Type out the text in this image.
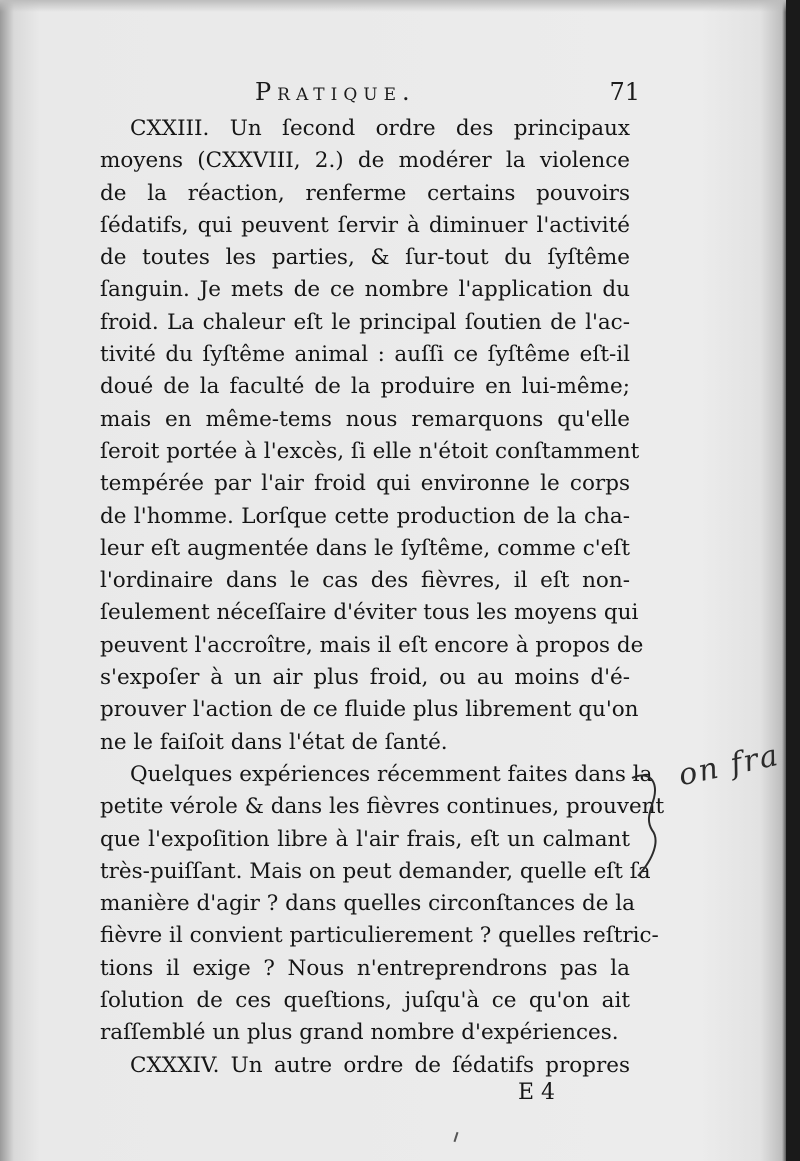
Pratique.	71
CXXIII. Un ſecond ordre des principaux
moyens (CXXVIII, 2.) de modérer la violence
de la réaction, renferme certains pouvoirs
ſédatifs, qui peuvent ſervir à diminuer l'activité
de toutes les parties, & ſur-tout du ſyſtême
ſanguin. Je mets de ce nombre l'application du
froid. La chaleur eſt le principal ſoutien de l'ac-
tivité du ſyſtême animal : auſſi ce ſyſtême eſt-il
doué de la faculté de la produire en lui-même;
mais en même-tems nous remarquons qu'elle
ſeroit portée à l'excès, ſi elle n'étoit conſtamment
tempérée par l'air froid qui environne le corps
de l'homme. Lorſque cette production de la cha-
leur eſt augmentée dans le ſyſtême, comme c'eſt
l'ordinaire dans le cas des fièvres, il eſt non-
ſeulement néceſſaire d'éviter tous les moyens qui
peuvent l'accroître, mais il eſt encore à propos de
s'expoſer à un air plus froid, ou au moins d'é-
prouver l'action de ce fluide plus librement qu'on
ne le faiſoit dans l'état de ſanté.
Quelques expériences récemment faites dans la
petite vérole & dans les fièvres continues, prouvent
que l'expoſition libre à l'air frais, eſt un calmant
très-puiſſant. Mais on peut demander, quelle eſt ſa
manière d'agir ? dans quelles circonſtances de la
fièvre il convient particulierement ? quelles reſtric-
tions il exige ? Nous n'entreprendrons pas la
ſolution de ces queſtions, juſqu'à ce qu'on ait
raſſemblé un plus grand nombre d'expériences.
CXXXIV. Un autre ordre de ſédatifs propres
on fra
E 4
